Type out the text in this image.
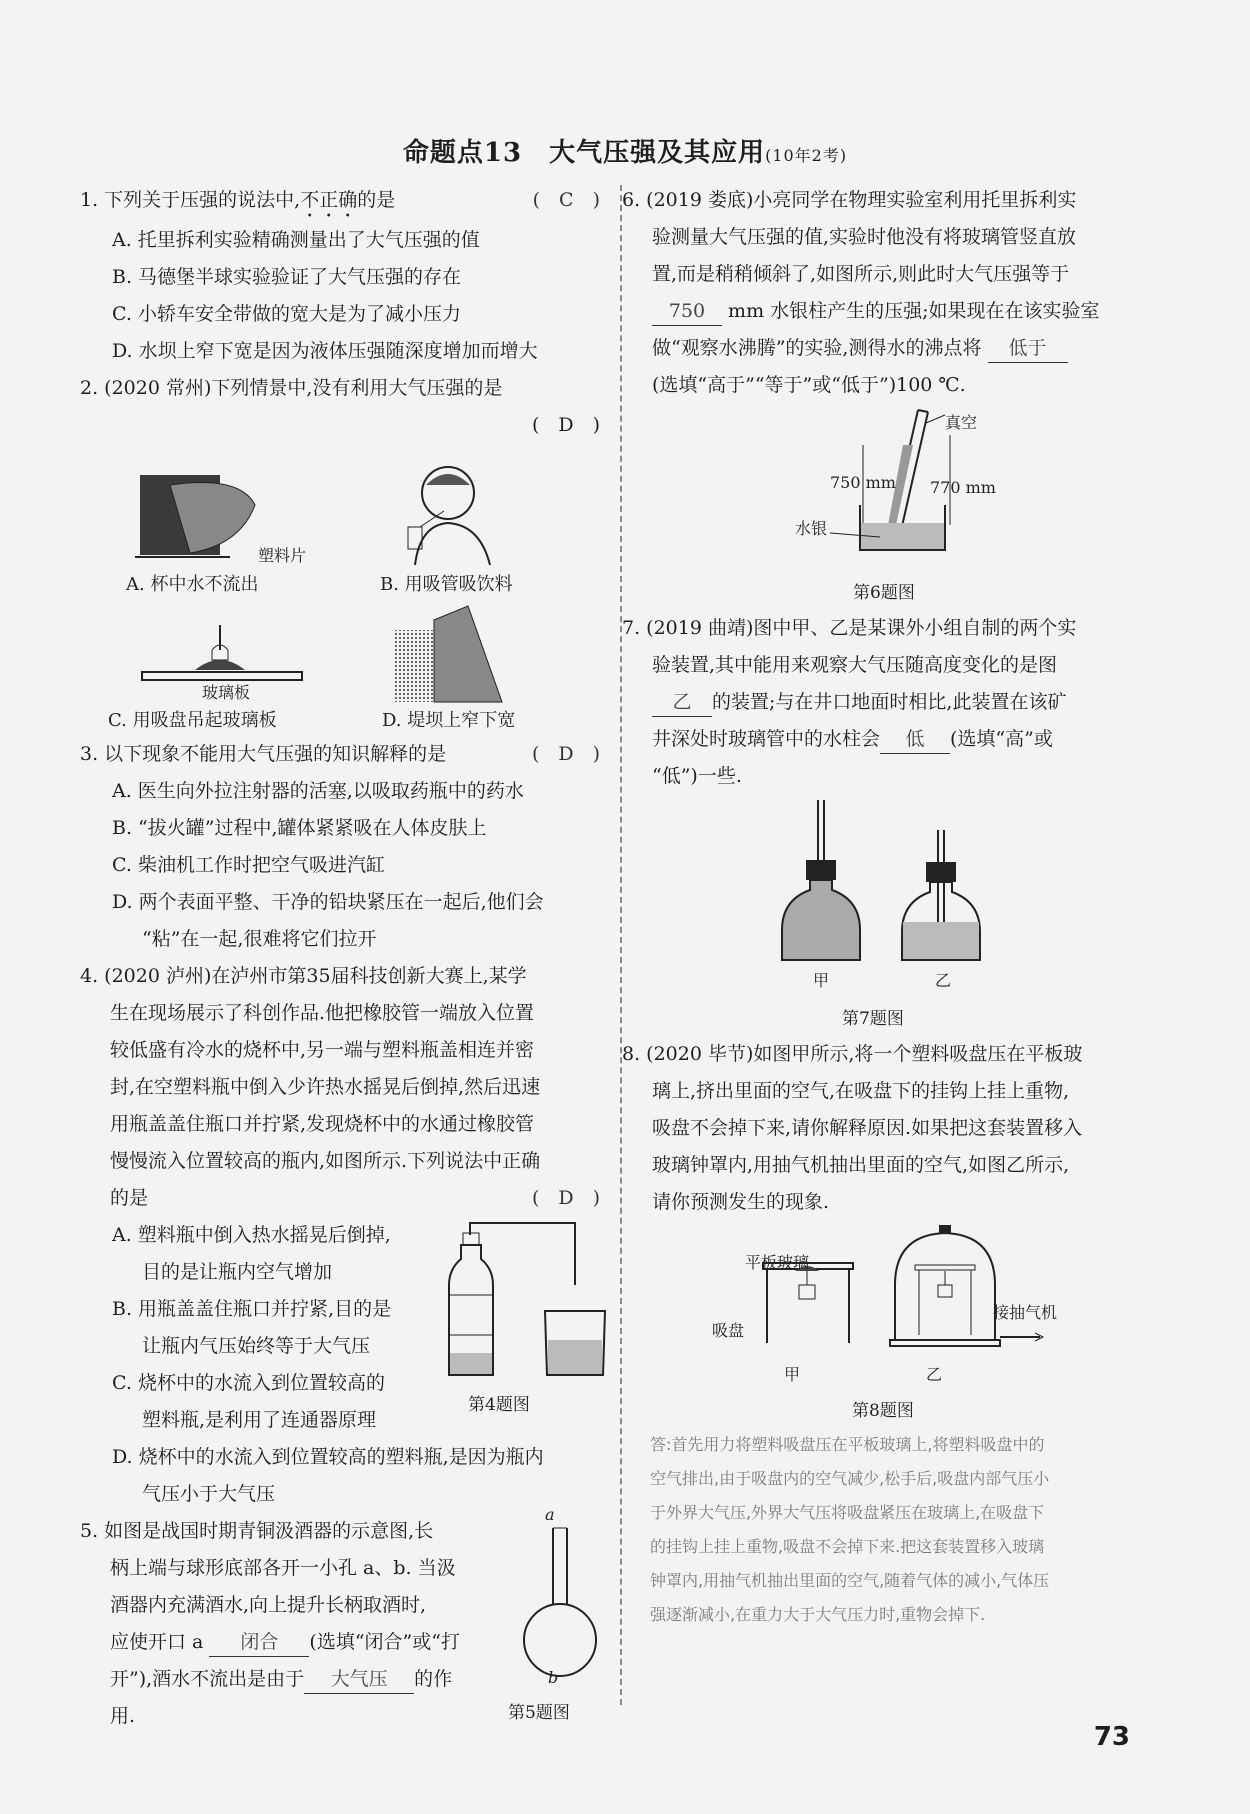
命题点13　大气压强及其应用(10年2考)
1. 下列关于压强的说法中,不正确的是	(　C　)
A. 托里拆利实验精确测量出了大气压强的值
B. 马德堡半球实验验证了大气压强的存在
C. 小轿车安全带做的宽大是为了减小压力
D. 水坝上窄下宽是因为液体压强随深度增加而增大
2. (2020 常州)下列情景中,没有利用大气压强的是
(　D　)
塑料片
A. 杯中水不流出	B. 用吸管吸饮料
玻璃板
C. 用吸盘吊起玻璃板	D. 堤坝上窄下宽
3. 以下现象不能用大气压强的知识解释的是	(　D　)
A. 医生向外拉注射器的活塞,以吸取药瓶中的药水
B. “拔火罐”过程中,罐体紧紧吸在人体皮肤上
C. 柴油机工作时把空气吸进汽缸
D. 两个表面平整、干净的铅块紧压在一起后,他们会
“粘”在一起,很难将它们拉开
4. (2020 泸州)在泸州市第35届科技创新大赛上,某学
生在现场展示了科创作品.他把橡胶管一端放入位置
较低盛有冷水的烧杯中,另一端与塑料瓶盖相连并密
封,在空塑料瓶中倒入少许热水摇晃后倒掉,然后迅速
用瓶盖盖住瓶口并拧紧,发现烧杯中的水通过橡胶管
慢慢流入位置较高的瓶内,如图所示.下列说法中正确
的是	(　D　)
A. 塑料瓶中倒入热水摇晃后倒掉,
目的是让瓶内空气增加
B. 用瓶盖盖住瓶口并拧紧,目的是
让瓶内气压始终等于大气压
C. 烧杯中的水流入到位置较高的
塑料瓶,是利用了连通器原理
D. 烧杯中的水流入到位置较高的塑料瓶,是因为瓶内
气压小于大气压
5. 如图是战国时期青铜汲酒器的示意图,长
柄上端与球形底部各开一小孔 a、b. 当汲
酒器内充满酒水,向上提升长柄取酒时,
应使开口 a 闭合 (选填“闭合”或“打
开”),酒水不流出是由于 大气压 的作
用.
第4题图
a
b
第5题图
6. (2019 娄底)小亮同学在物理实验室利用托里拆利实
验测量大气压强的值,实验时他没有将玻璃管竖直放
置,而是稍稍倾斜了,如图所示,则此时大气压强等于
750 mm 水银柱产生的压强;如果现在在该实验室
做“观察水沸腾”的实验,测得水的沸点将 低于
(选填“高于”“等于”或“低于”)100 ℃.
真空
750 mm 770 mm
水银
第6题图
7. (2019 曲靖)图中甲、乙是某课外小组自制的两个实
验装置,其中能用来观察大气压随高度变化的是图
乙 的装置;与在井口地面时相比,此装置在该矿
井深处时玻璃管中的水柱会 低 (选填“高”或
“低”)一些.
甲	乙
第7题图
8. (2020 毕节)如图甲所示,将一个塑料吸盘压在平板玻
璃上,挤出里面的空气,在吸盘下的挂钩上挂上重物,
吸盘不会掉下来,请你解释原因.如果把这套装置移入
玻璃钟罩内,用抽气机抽出里面的空气,如图乙所示,
请你预测发生的现象.
平板玻璃
吸盘
接抽气机
甲	乙
第8题图
答:首先用力将塑料吸盘压在平板玻璃上,将塑料吸盘中的
空气排出,由于吸盘内的空气减少,松手后,吸盘内部气压小
于外界大气压,外界大气压将吸盘紧压在玻璃上,在吸盘下
的挂钩上挂上重物,吸盘不会掉下来.把这套装置移入玻璃
钟罩内,用抽气机抽出里面的空气,随着气体的减小,气体压
强逐渐减小,在重力大于大气压力时,重物会掉下.
73
